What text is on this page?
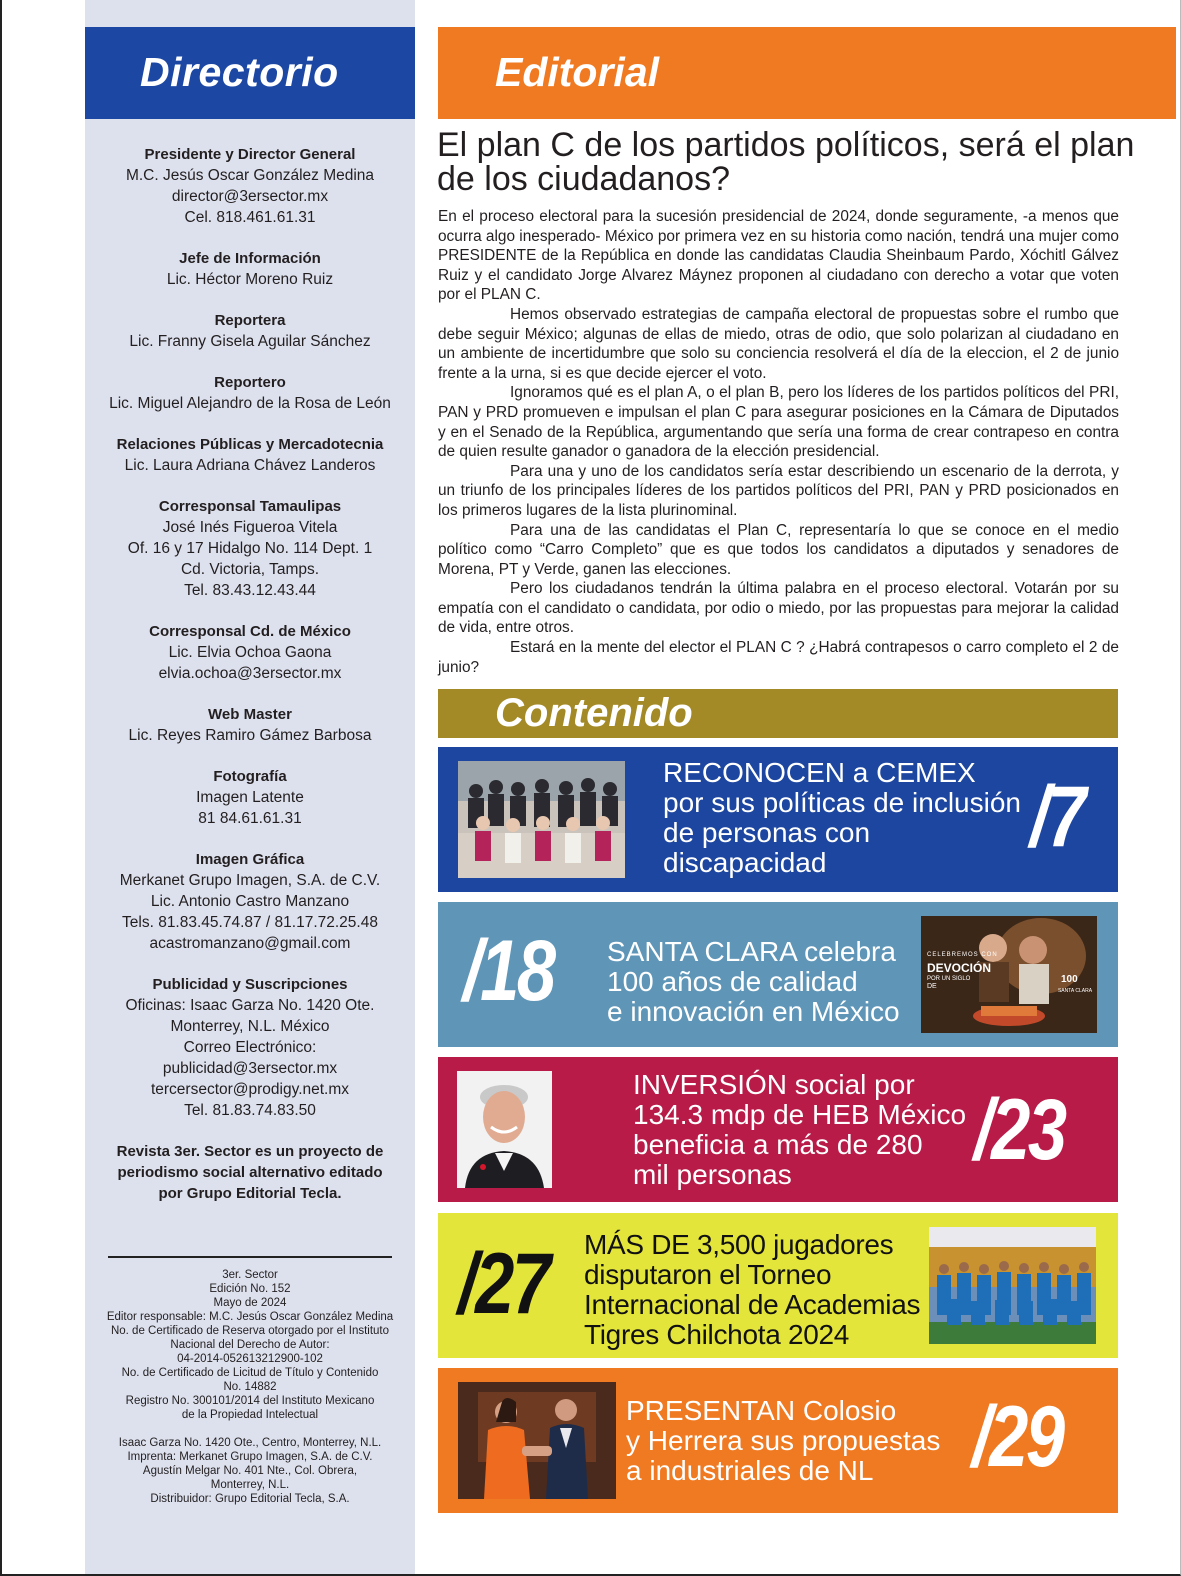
Directorio
Presidente y Director General
M.C. Jesús Oscar González Medina
director@3ersector.mx
Cel. 818.461.61.31
Jefe de Información
Lic. Héctor Moreno Ruiz
Reportera
Lic. Franny Gisela Aguilar Sánchez
Reportero
Lic. Miguel Alejandro de la Rosa de León
Relaciones Públicas y Mercadotecnia
Lic. Laura Adriana Chávez Landeros
Corresponsal Tamaulipas
José Inés Figueroa Vitela
Of. 16 y 17 Hidalgo No. 114 Dept. 1
Cd. Victoria, Tamps.
Tel. 83.43.12.43.44
Corresponsal Cd. de México
Lic. Elvia Ochoa Gaona
elvia.ochoa@3ersector.mx
Web Master
Lic. Reyes Ramiro Gámez Barbosa
Fotografía
Imagen Latente
81 84.61.61.31
Imagen Gráfica
Merkanet Grupo Imagen, S.A. de C.V.
Lic. Antonio Castro Manzano
Tels. 81.83.45.74.87 / 81.17.72.25.48
acastromanzano@gmail.com
Publicidad y Suscripciones
Oficinas: Isaac Garza No. 1420 Ote.
Monterrey, N.L. México
Correo Electrónico:
publicidad@3ersector.mx
tercersector@prodigy.net.mx
Tel. 81.83.74.83.50
Revista 3er. Sector es un proyecto de
periodismo social alternativo editado
por Grupo Editorial Tecla.
3er. Sector
Edición No. 152
Mayo de 2024
Editor responsable: M.C. Jesús Oscar González Medina
No. de Certificado de Reserva otorgado por el Instituto
Nacional del Derecho de Autor:
04-2014-052613212900-102
No. de Certificado de Licitud de Título y Contenido
No. 14882
Registro No. 300101/2014 del Instituto Mexicano
de la Propiedad Intelectual
Isaac Garza No. 1420 Ote., Centro, Monterrey, N.L.
Imprenta: Merkanet Grupo Imagen, S.A. de C.V.
Agustín Melgar No. 401 Nte., Col. Obrera,
Monterrey, N.L.
Distribuidor: Grupo Editorial Tecla, S.A.
Editorial
El plan C de los partidos políticos, será el plan de los ciudadanos?

En el proceso electoral para la sucesión presidencial de 2024, donde seguramente, -a menos que ocurra algo inesperado- México por primera vez en su historia como nación, tendrá una mujer como PRESIDENTE de la República en donde las candidatas Claudia Sheinbaum Pardo, Xóchitl Gálvez Ruiz y el candidato Jorge Alvarez Máynez proponen al ciudadano con derecho a votar que voten por el PLAN C.

Hemos observado estrategias de campaña electoral de propuestas sobre el rumbo que debe seguir México; algunas de ellas de miedo, otras de odio, que solo polarizan al ciudadano en un ambiente de incertidumbre que solo su conciencia resolverá el día de la eleccion, el 2 de junio frente a la urna, si es que decide ejercer el voto.

Ignoramos qué es el plan A, o el plan B, pero los líderes de los partidos políticos del PRI, PAN y PRD promueven e impulsan el plan C para asegurar posiciones en la Cámara de Diputados y en el Senado de la República, argumentando que sería una forma de crear contrapeso en contra de quien resulte ganador o ganadora de la elección presidencial.

Para una y uno de los candidatos sería estar describiendo un escenario de la derrota, y un triunfo de los principales líderes de los partidos políticos del PRI, PAN y PRD posicionados en los primeros lugares de la lista plurinominal.

Para una de las candidatas el Plan C, representaría lo que se conoce en el medio político como “Carro Completo” que es que todos los candidatos a diputados y senadores de Morena, PT y Verde, ganen las elecciones.

Pero los ciudadanos tendrán la última palabra en el proceso electoral. Votarán por su empatía con el candidato o candidata, por odio o miedo, por las propuestas para mejorar la calidad de vida, entre otros.

Estará en la mente del elector el PLAN C ? ¿Habrá contrapesos o carro completo el 2 de junio?

Contenido
RECONOCEN a CEMEX
por sus políticas de inclusión
de personas con
discapacidad	/7
/18 SANTA CLARA celebra
100 años de calidad
e innovación en México
CELEBREMOS CON
DEVOCIÓN
POR UN SIGLO
DE
100
SANTA CLARA
INVERSIÓN social por
134.3 mdp de HEB México
beneficia a más de 280
mil personas	/23
/27 MÁS DE 3,500 jugadores
disputaron el Torneo
Internacional de Academias
Tigres Chilchota 2024
PRESENTAN Colosio
y Herrera sus propuestas
a industriales de NL	/29
